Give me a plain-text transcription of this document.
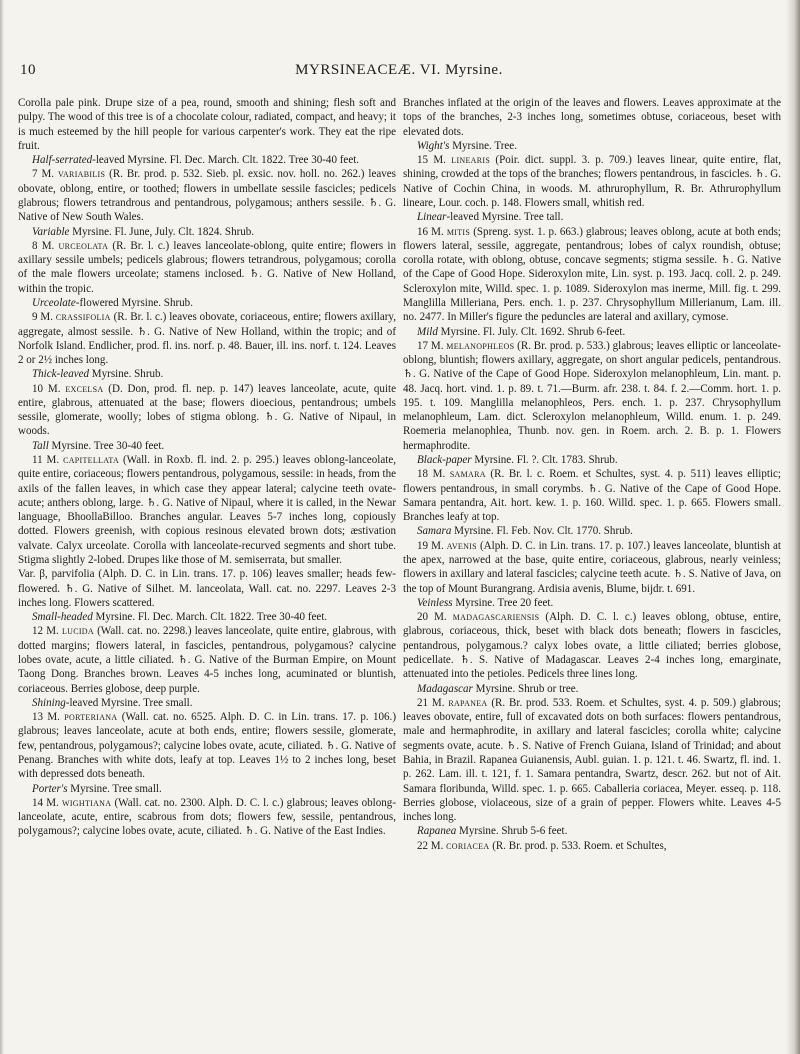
10	MYRSINEACEÆ. VI. Myrsine.

Corolla pale pink. Drupe size of a pea, round, smooth and shining; flesh soft and pulpy. The wood of this tree is of a chocolate colour, radiated, compact, and heavy; it is much esteemed by the hill people for various carpenter's work. They eat the ripe fruit.

Half-serrated-leaved Myrsine. Fl. Dec. March. Clt. 1822. Tree 30-40 feet.

7 M. variabilis (R. Br. prod. p. 532. Sieb. pl. exsic. nov. holl. no. 262.) leaves obovate, oblong, entire, or toothed; flowers in umbellate sessile fascicles; pedicels glabrous; flowers tetrandrous and pentandrous, polygamous; anthers sessile. ♄. G. Native of New South Wales.

Variable Myrsine. Fl. June, July. Clt. 1824. Shrub.

8 M. urceolata (R. Br. l. c.) leaves lanceolate-oblong, quite entire; flowers in axillary sessile umbels; pedicels glabrous; flowers tetrandrous, polygamous; corolla of the male flowers urceolate; stamens inclosed. ♄. G. Native of New Holland, within the tropic.

Urceolate-flowered Myrsine. Shrub.

9 M. crassifolia (R. Br. l. c.) leaves obovate, coriaceous, entire; flowers axillary, aggregate, almost sessile. ♄. G. Native of New Holland, within the tropic; and of Norfolk Island. Endlicher, prod. fl. ins. norf. p. 48. Bauer, ill. ins. norf. t. 124. Leaves 2 or 2½ inches long.

Thick-leaved Myrsine. Shrub.

10 M. excelsa (D. Don, prod. fl. nep. p. 147) leaves lanceolate, acute, quite entire, glabrous, attenuated at the base; flowers dioecious, pentandrous; umbels sessile, glomerate, woolly; lobes of stigma oblong. ♄. G. Native of Nipaul, in woods.

Tall Myrsine. Tree 30-40 feet.

11 M. capitellata (Wall. in Roxb. fl. ind. 2. p. 295.) leaves oblong-lanceolate, quite entire, coriaceous; flowers pentandrous, polygamous, sessile: in heads, from the axils of the fallen leaves, in which case they appear lateral; calycine teeth ovate-acute; anthers oblong, large. ♄. G. Native of Nipaul, where it is called, in the Newar language, BhoollaBilloo. Branches angular. Leaves 5-7 inches long, copiously dotted. Flowers greenish, with copious resinous elevated brown dots; æstivation valvate. Calyx urceolate. Corolla with lanceolate-recurved segments and short tube. Stigma slightly 2-lobed. Drupes like those of M. semiserrata, but smaller.

Var. β, parvifolia (Alph. D. C. in Lin. trans. 17. p. 106) leaves smaller; heads few-flowered. ♄. G. Native of Silhet. M. lanceolata, Wall. cat. no. 2297. Leaves 2-3 inches long. Flowers scattered.

Small-headed Myrsine. Fl. Dec. March. Clt. 1822. Tree 30-40 feet.

12 M. lucida (Wall. cat. no. 2298.) leaves lanceolate, quite entire, glabrous, with dotted margins; flowers lateral, in fascicles, pentandrous, polygamous? calycine lobes ovate, acute, a little ciliated. ♄. G. Native of the Burman Empire, on Mount Taong Dong. Branches brown. Leaves 4-5 inches long, acuminated or bluntish, coriaceous. Berries globose, deep purple.

Shining-leaved Myrsine. Tree small.

13 M. porteriana (Wall. cat. no. 6525. Alph. D. C. in Lin. trans. 17. p. 106.) glabrous; leaves lanceolate, acute at both ends, entire; flowers sessile, glomerate, few, pentandrous, polygamous?; calycine lobes ovate, acute, ciliated. ♄. G. Native of Penang. Branches with white dots, leafy at top. Leaves 1½ to 2 inches long, beset with depressed dots beneath.

Porter's Myrsine. Tree small.

14 M. wightiana (Wall. cat. no. 2300. Alph. D. C. l. c.) glabrous; leaves oblong-lanceolate, acute, entire, scabrous from dots; flowers few, sessile, pentandrous, polygamous?; calycine lobes ovate, acute, ciliated. ♄. G. Native of the East Indies.

Branches inflated at the origin of the leaves and flowers. Leaves approximate at the tops of the branches, 2-3 inches long, sometimes obtuse, coriaceous, beset with elevated dots.

Wight's Myrsine. Tree.

15 M. linearis (Poir. dict. suppl. 3. p. 709.) leaves linear, quite entire, flat, shining, crowded at the tops of the branches; flowers pentandrous, in fascicles. ♄. G. Native of Cochin China, in woods. M. athrurophyllum, R. Br. Athrurophyllum lineare, Lour. coch. p. 148. Flowers small, whitish red.

Linear-leaved Myrsine. Tree tall.

16 M. mitis (Spreng. syst. 1. p. 663.) glabrous; leaves oblong, acute at both ends; flowers lateral, sessile, aggregate, pentandrous; lobes of calyx roundish, obtuse; corolla rotate, with oblong, obtuse, concave segments; stigma sessile. ♄. G. Native of the Cape of Good Hope. Sideroxylon mite, Lin. syst. p. 193. Jacq. coll. 2. p. 249. Scleroxylon mite, Willd. spec. 1. p. 1089. Sideroxylon mas inerme, Mill. fig. t. 299. Manglilla Milleriana, Pers. ench. 1. p. 237. Chrysophyllum Millerianum, Lam. ill. no. 2477. In Miller's figure the peduncles are lateral and axillary, cymose.

Mild Myrsine. Fl. July. Clt. 1692. Shrub 6-feet.

17 M. melanophleos (R. Br. prod. p. 533.) glabrous; leaves elliptic or lanceolate-oblong, bluntish; flowers axillary, aggregate, on short angular pedicels, pentandrous. ♄. G. Native of the Cape of Good Hope. Sideroxylon melanophleum, Lin. mant. p. 48. Jacq. hort. vind. 1. p. 89. t. 71.—Burm. afr. 238. t. 84. f. 2.—Comm. hort. 1. p. 195. t. 109. Manglilla melanophleos, Pers. ench. 1. p. 237. Chrysophyllum melanophleum, Lam. dict. Scleroxylon melanophleum, Willd. enum. 1. p. 249. Roemeria melanophlea, Thunb. nov. gen. in Roem. arch. 2. B. p. 1. Flowers hermaphrodite.

Black-paper Myrsine. Fl. ?. Clt. 1783. Shrub.

18 M. samara (R. Br. l. c. Roem. et Schultes, syst. 4. p. 511) leaves elliptic; flowers pentandrous, in small corymbs. ♄. G. Native of the Cape of Good Hope. Samara pentandra, Ait. hort. kew. 1. p. 160. Willd. spec. 1. p. 665. Flowers small. Branches leafy at top.

Samara Myrsine. Fl. Feb. Nov. Clt. 1770. Shrub.

19 M. avenis (Alph. D. C. in Lin. trans. 17. p. 107.) leaves lanceolate, bluntish at the apex, narrowed at the base, quite entire, coriaceous, glabrous, nearly veinless; flowers in axillary and lateral fascicles; calycine teeth acute. ♄. S. Native of Java, on the top of Mount Burangrang. Ardisia avenis, Blume, bijdr. t. 691.

Veinless Myrsine. Tree 20 feet.

20 M. madagascariensis (Alph. D. C. l. c.) leaves oblong, obtuse, entire, glabrous, coriaceous, thick, beset with black dots beneath; flowers in fascicles, pentandrous, polygamous.? calyx lobes ovate, a little ciliated; berries globose, pedicellate. ♄. S. Native of Madagascar. Leaves 2-4 inches long, emarginate, attenuated into the petioles. Pedicels three lines long.

Madagascar Myrsine. Shrub or tree.

21 M. rapanea (R. Br. prod. 533. Roem. et Schultes, syst. 4. p. 509.) glabrous; leaves obovate, entire, full of excavated dots on both surfaces: flowers pentandrous, male and hermaphrodite, in axillary and lateral fascicles; corolla white; calycine segments ovate, acute. ♄. S. Native of French Guiana, Island of Trinidad; and about Bahia, in Brazil. Rapanea Guianensis, Aubl. guian. 1. p. 121. t. 46. Swartz, fl. ind. 1. p. 262. Lam. ill. t. 121, f. 1. Samara pentandra, Swartz, descr. 262. but not of Ait. Samara floribunda, Willd. spec. 1. p. 665. Caballeria coriacea, Meyer. esseq. p. 118. Berries globose, violaceous, size of a grain of pepper. Flowers white. Leaves 4-5 inches long.

Rapanea Myrsine. Shrub 5-6 feet.

22 M. coriacea (R. Br. prod. p. 533. Roem. et Schultes,
